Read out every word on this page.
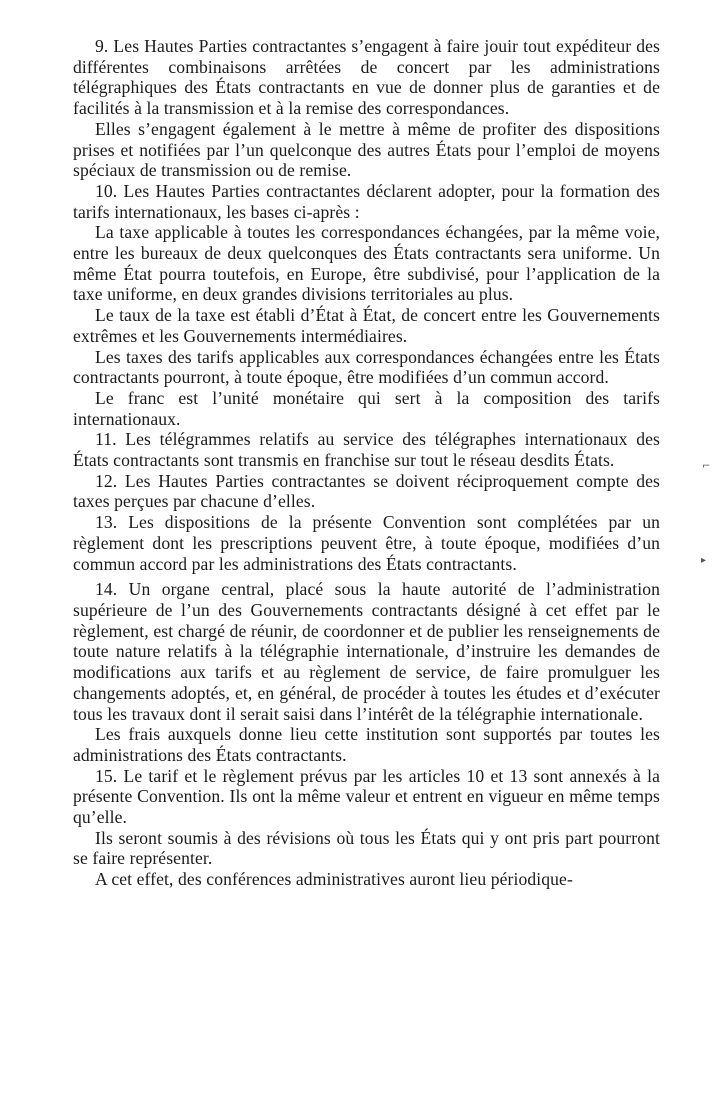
9. Les Hautes Parties contractantes s’engagent à faire jouir tout expéditeur des différentes combinaisons arrêtées de concert par les administrations télégraphiques des États contractants en vue de donner plus de garanties et de facilités à la transmission et à la remise des correspondances.

Elles s’engagent également à le mettre à même de profiter des dispositions prises et notifiées par l’un quelconque des autres États pour l’emploi de moyens spéciaux de transmission ou de remise.

10. Les Hautes Parties contractantes déclarent adopter, pour la formation des tarifs internationaux, les bases ci-après :

La taxe applicable à toutes les correspondances échangées, par la même voie, entre les bureaux de deux quelconques des États contractants sera uniforme. Un même État pourra toutefois, en Europe, être subdivisé, pour l’application de la taxe uniforme, en deux grandes divisions territoriales au plus.

Le taux de la taxe est établi d’État à État, de concert entre les Gouvernements extrêmes et les Gouvernements intermédiaires.

Les taxes des tarifs applicables aux correspondances échangées entre les États contractants pourront, à toute époque, être modifiées d’un commun accord.

Le franc est l’unité monétaire qui sert à la composition des tarifs internationaux.

11. Les télégrammes relatifs au service des télégraphes internationaux des États contractants sont transmis en franchise sur tout le réseau desdits États.

12. Les Hautes Parties contractantes se doivent réciproquement compte des taxes perçues par chacune d’elles.

13. Les dispositions de la présente Convention sont complétées par un règlement dont les prescriptions peuvent être, à toute époque, modifiées d’un commun accord par les administrations des États contractants.

14. Un organe central, placé sous la haute autorité de l’administration supérieure de l’un des Gouvernements contractants désigné à cet effet par le règlement, est chargé de réunir, de coordonner et de publier les renseignements de toute nature relatifs à la télégraphie internationale, d’instruire les demandes de modifications aux tarifs et au règlement de service, de faire promulguer les changements adoptés, et, en général, de procéder à toutes les études et d’exécuter tous les travaux dont il serait saisi dans l’intérêt de la télégraphie internationale.

Les frais auxquels donne lieu cette institution sont supportés par toutes les administrations des États contractants.

15. Le tarif et le règlement prévus par les articles 10 et 13 sont annexés à la présente Convention. Ils ont la même valeur et entrent en vigueur en même temps qu’elle.

Ils seront soumis à des révisions où tous les États qui y ont pris part pourront se faire représenter.

A cet effet, des conférences administratives auront lieu périodique-

⌐
▸
